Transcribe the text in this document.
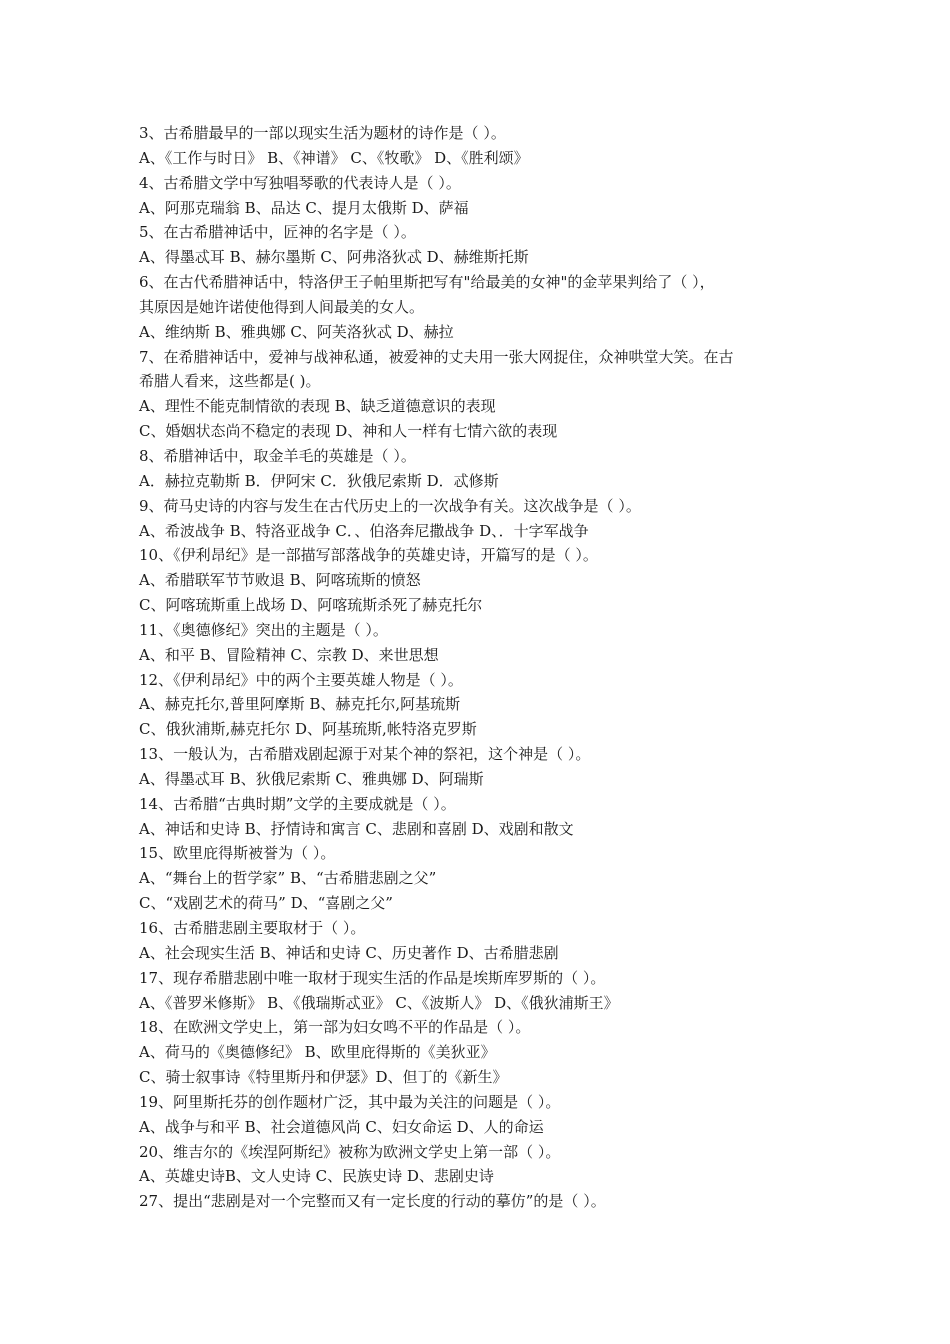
3、古希腊最早的一部以现实生活为题材的诗作是（ ）。
A、《工作与时日》 B、《神谱》 C、《牧歌》 D、《胜利颂》
4、古希腊文学中写独唱琴歌的代表诗人是（ ）。
A、阿那克瑞翁 B、品达 C、提月太俄斯 D、萨福
5、在古希腊神话中，匠神的名字是（ ）。
A、得墨忒耳 B、赫尔墨斯 C、阿弗洛狄忒 D、赫维斯托斯
6、在古代希腊神话中，特洛伊王子帕里斯把写有"给最美的女神"的金苹果判给了（ ），
其原因是她许诺使他得到人间最美的女人。
A、维纳斯 B、雅典娜 C、阿芙洛狄忒 D、赫拉
7、在希腊神话中，爱神与战神私通，被爱神的丈夫用一张大网捉住，众神哄堂大笑。在古
希腊人看来，这些都是( )。
A、理性不能克制情欲的表现 B、缺乏道德意识的表现
C、婚姻状态尚不稳定的表现 D、神和人一样有七情六欲的表现
8、希腊神话中，取金羊毛的英雄是（ ）。
A．赫拉克勒斯 B．伊阿宋 C．狄俄尼索斯 D．忒修斯
9、荷马史诗的内容与发生在古代历史上的一次战争有关。这次战争是（ ）。
A、希波战争 B、特洛亚战争 C．、伯洛奔尼撒战争 D、．十字军战争
10、《伊利昂纪》是一部描写部落战争的英雄史诗，开篇写的是（ ）。
A、希腊联军节节败退 B、阿喀琉斯的愤怒
C、阿喀琉斯重上战场 D、阿喀琉斯杀死了赫克托尔
11、《奥德修纪》突出的主题是（ ）。
A、和平 B、冒险精神 C、宗教 D、来世思想
12、《伊利昂纪》中的两个主要英雄人物是（ ）。
A、赫克托尔,普里阿摩斯 B、赫克托尔,阿基琉斯
C、俄狄浦斯,赫克托尔 D、阿基琉斯,帐特洛克罗斯
13、一般认为，古希腊戏剧起源于对某个神的祭祀，这个神是（ ）。
A、得墨忒耳 B、狄俄尼索斯 C、雅典娜 D、阿瑞斯
14、古希腊“古典时期”文学的主要成就是（ ）。
A、神话和史诗 B、抒情诗和寓言 C、悲剧和喜剧 D、戏剧和散文
15、欧里庇得斯被誉为（ ）。
A、“舞台上的哲学家” B、“古希腊悲剧之父”
C、“戏剧艺术的荷马” D、“喜剧之父”
16、古希腊悲剧主要取材于（ ）。
A、社会现实生活 B、神话和史诗 C、历史著作 D、古希腊悲剧
17、现存希腊悲剧中唯一取材于现实生活的作品是埃斯库罗斯的（ ）。
A、《普罗米修斯》 B、《俄瑞斯忒亚》 C、《波斯人》 D、《俄狄浦斯王》
18、在欧洲文学史上，第一部为妇女鸣不平的作品是（ ）。
A、荷马的《奥德修纪》 B、欧里庇得斯的《美狄亚》
C、骑士叙事诗《特里斯丹和伊瑟》D、但丁的《新生》
19、阿里斯托芬的创作题材广泛，其中最为关注的问题是（ ）。
A、战争与和平 B、社会道德风尚 C、妇女命运 D、人的命运
20、维吉尔的《埃涅阿斯纪》被称为欧洲文学史上第一部（ ）。
A、英雄史诗B、文人史诗 C、民族史诗 D、悲剧史诗
27、提出“悲剧是对一个完整而又有一定长度的行动的摹仿”的是（ ）。
